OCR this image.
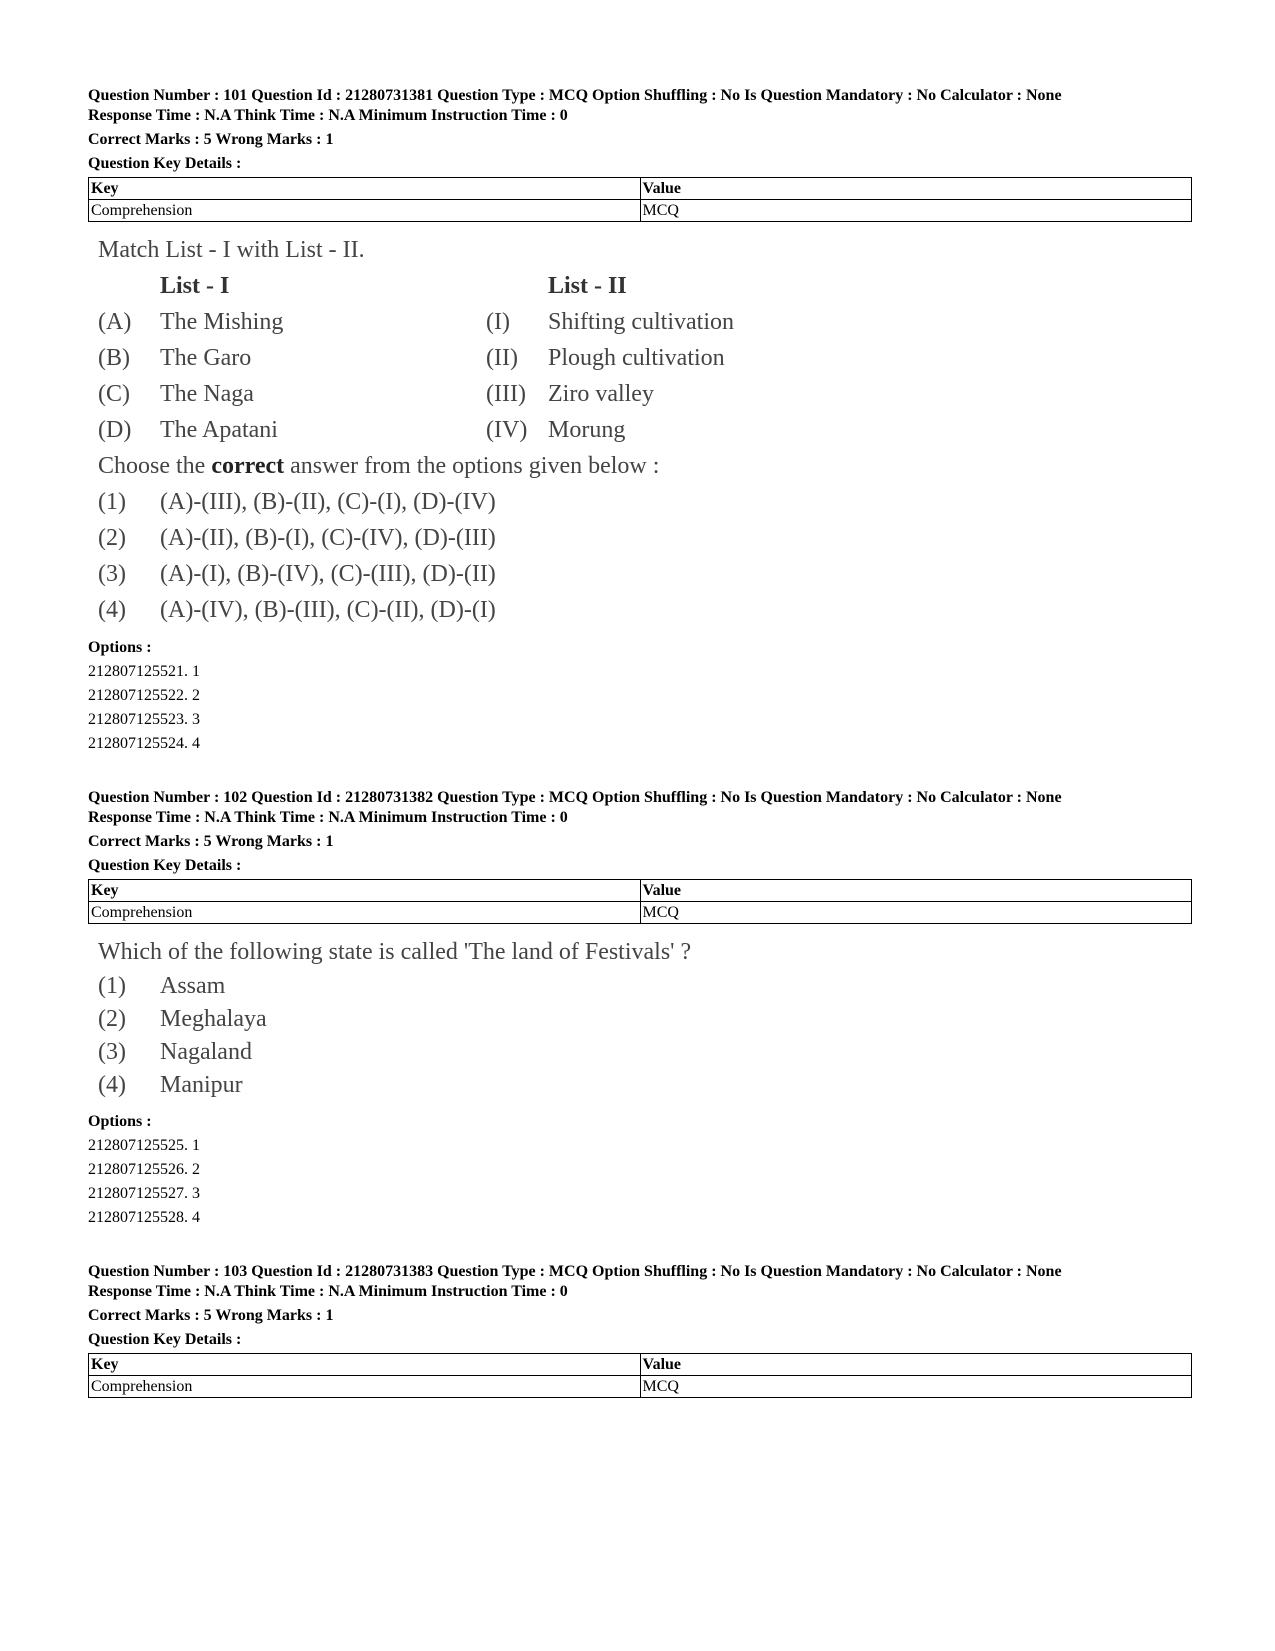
Question Number : 101 Question Id : 21280731381 Question Type : MCQ Option Shuffling : No Is Question Mandatory : No Calculator : None
Response Time : N.A Think Time : N.A Minimum Instruction Time : 0
Correct Marks : 5 Wrong Marks : 1
Question Key Details :
Key	Value
Comprehension	MCQ
Match List - I with List - II.
List - I	List - II
(A)	The Mishing	(I)	Shifting cultivation
(B)	The Garo	(II)	Plough cultivation
(C)	The Naga	(III) Ziro valley
(D)	The Apatani	(IV) Morung
Choose the correct answer from the options given below :
(1)	(A)-(III), (B)-(II), (C)-(I), (D)-(IV)
(2)	(A)-(II), (B)-(I), (C)-(IV), (D)-(III)
(3)	(A)-(I), (B)-(IV), (C)-(III), (D)-(II)
(4)	(A)-(IV), (B)-(III), (C)-(II), (D)-(I)
Options :
212807125521. 1
212807125522. 2
212807125523. 3
212807125524. 4
Question Number : 102 Question Id : 21280731382 Question Type : MCQ Option Shuffling : No Is Question Mandatory : No Calculator : None
Response Time : N.A Think Time : N.A Minimum Instruction Time : 0
Correct Marks : 5 Wrong Marks : 1
Question Key Details :
Key	Value
Comprehension	MCQ
Which of the following state is called 'The land of Festivals' ?
(1)	Assam
(2)	Meghalaya
(3)	Nagaland
(4)	Manipur
Options :
212807125525. 1
212807125526. 2
212807125527. 3
212807125528. 4
Question Number : 103 Question Id : 21280731383 Question Type : MCQ Option Shuffling : No Is Question Mandatory : No Calculator : None
Response Time : N.A Think Time : N.A Minimum Instruction Time : 0
Correct Marks : 5 Wrong Marks : 1
Question Key Details :
Key	Value
Comprehension	MCQ
